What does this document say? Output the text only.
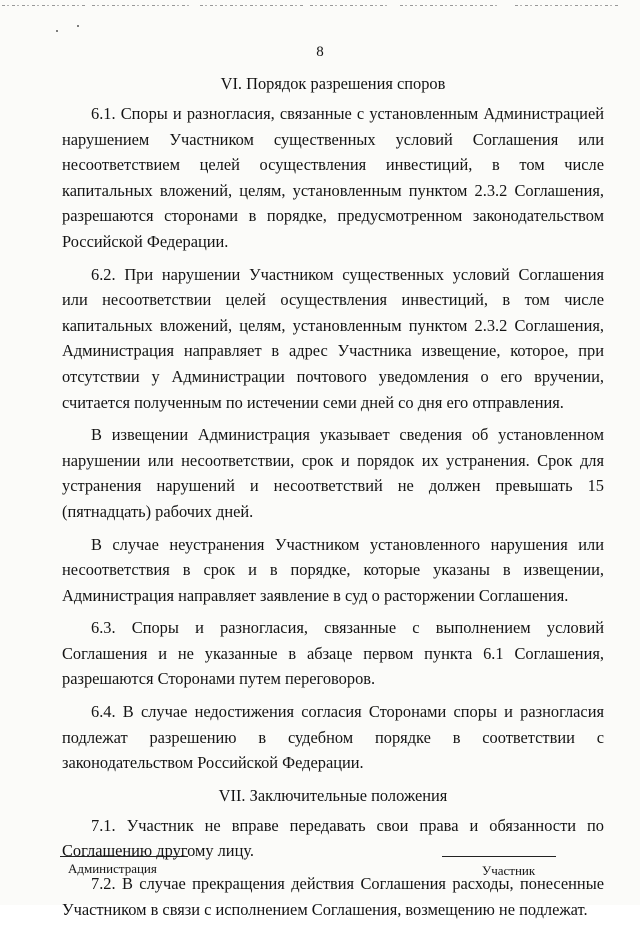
8

VI. Порядок разрешения споров

6.1. Споры и разногласия, связанные с установленным Администрацией нарушением Участником существенных условий Соглашения или несоответствием целей осуществления инвестиций, в том числе капитальных вложений, целям, установленным пунктом 2.3.2 Соглашения, разрешаются сторонами в порядке, предусмотренном законодательством Российской Федерации.

6.2. При нарушении Участником существенных условий Соглашения или несоответствии целей осуществления инвестиций, в том числе капитальных вложений, целям, установленным пунктом 2.3.2 Соглашения, Администрация направляет в адрес Участника извещение, которое, при отсутствии у Администрации почтового уведомления о его вручении, считается полученным по истечении семи дней со дня его отправления.

В извещении Администрация указывает сведения об установленном нарушении или несоответствии, срок и порядок их устранения. Срок для устранения нарушений и несоответствий не должен превышать 15 (пятнадцать) рабочих дней.

В случае неустранения Участником установленного нарушения или несоответствия в срок и в порядке, которые указаны в извещении, Администрация направляет заявление в суд о расторжении Соглашения.

6.3. Споры и разногласия, связанные с выполнением условий Соглашения и не указанные в абзаце первом пункта 6.1 Соглашения, разрешаются Сторонами путем переговоров.

6.4. В случае недостижения согласия Сторонами споры и разногласия подлежат разрешению в судебном порядке в соответствии с законодательством Российской Федерации.

VII. Заключительные положения

7.1. Участник не вправе передавать свои права и обязанности по Соглашению другому лицу.

7.2. В случае прекращения действия Соглашения расходы, понесенные Участником в связи с исполнением Соглашения, возмещению не подлежат.

Администрация	Участник
